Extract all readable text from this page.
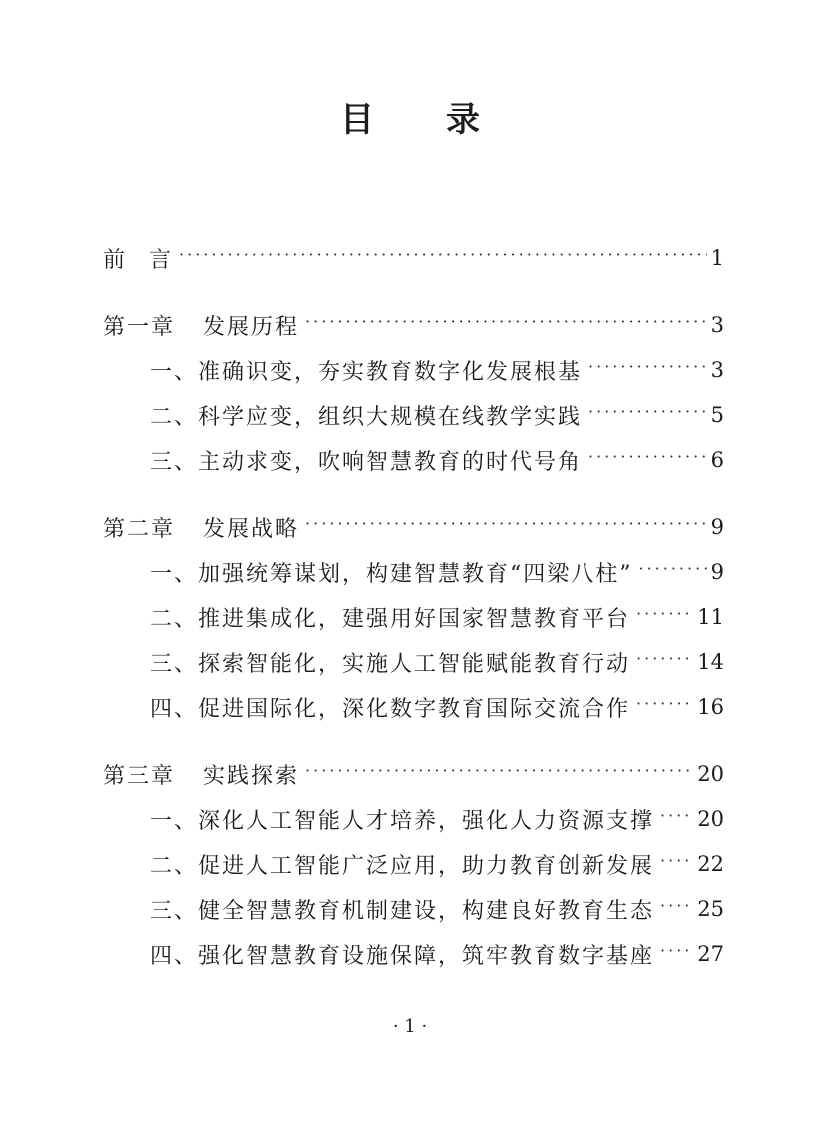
目 录
前 言 ·····	1
第一章 发展历程 ·····	3
一、准确识变，夯实教育数字化发展根基 ·····	3
二、科学应变，组织大规模在线教学实践 ·····	5
三、主动求变，吹响智慧教育的时代号角 ·····	6
第二章 发展战略 ·····	9
一、加强统筹谋划，构建智慧教育“四梁八柱” ·····	9
二、推进集成化，建强用好国家智慧教育平台 ·····	11
三、探索智能化，实施人工智能赋能教育行动 ·····	14
四、促进国际化，深化数字教育国际交流合作 ·····	16
第三章 实践探索 ·····	20
一、深化人工智能人才培养，强化人力资源支撑 ····· 20
二、促进人工智能广泛应用，助力教育创新发展 ····· 22
三、健全智慧教育机制建设，构建良好教育生态 ····· 25
四、强化智慧教育设施保障，筑牢教育数字基座 ····· 27
· 1 ·
